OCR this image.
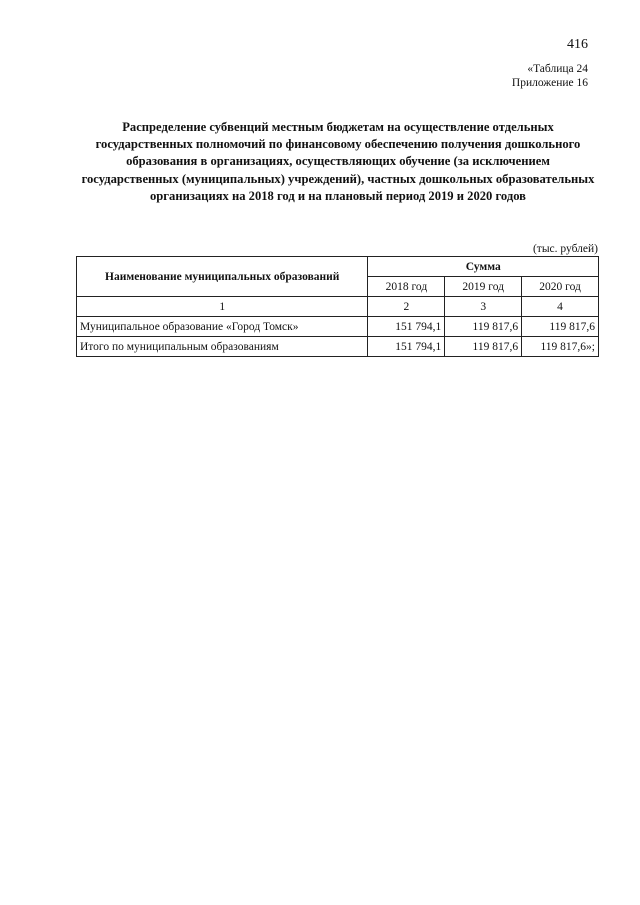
416
«Таблица 24
Приложение 16
Распределение субвенций местным бюджетам на осуществление отдельных государственных полномочий по финансовому обеспечению получения дошкольного образования в организациях, осуществляющих обучение (за исключением государственных (муниципальных) учреждений), частных дошкольных образовательных организациях на 2018 год и на плановый период 2019 и 2020 годов
(тыс. рублей)
Наименование муниципальных образований	Сумма		
	2018 год	2019 год	2020 год
1	2	3	4
Муниципальное образование «Город Томск»	151 794,1	119 817,6	119 817,6
Итого по муниципальным образованиям	151 794,1	119 817,6	119 817,6»;
